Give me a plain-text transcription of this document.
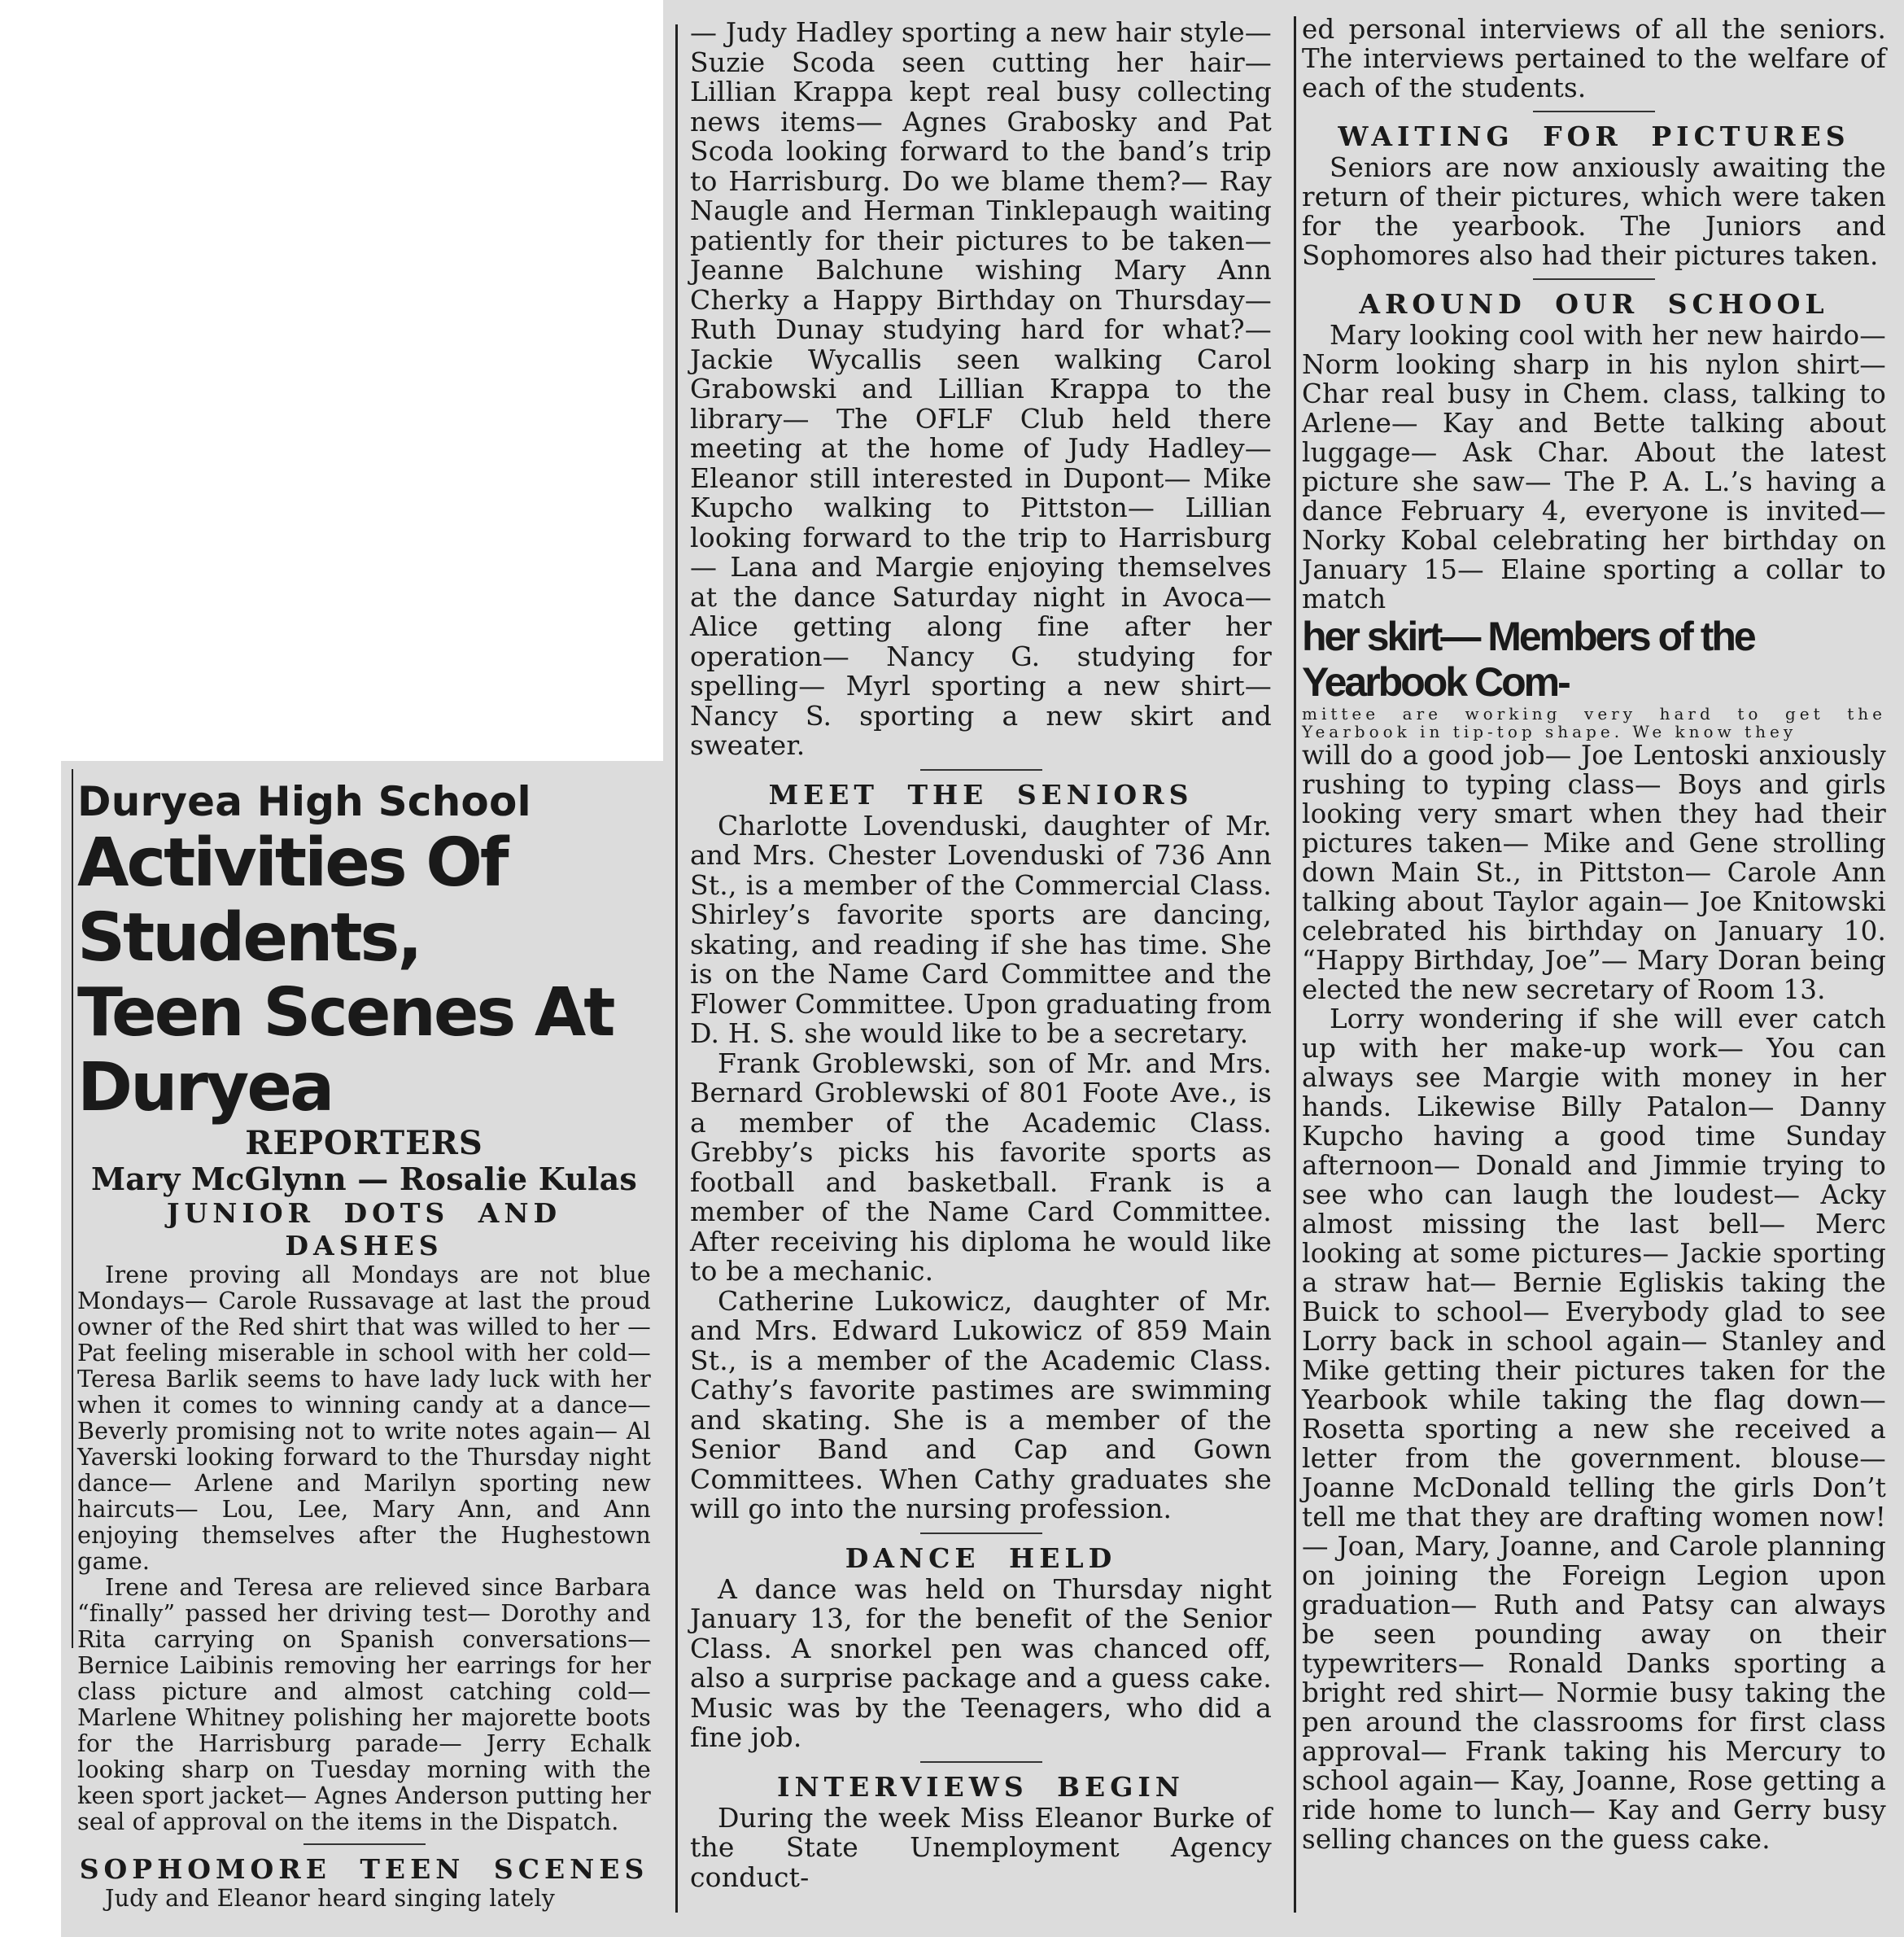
Duryea High School
Activities Of Students,
Teen Scenes At Duryea
REPORTERS
Mary McGlynn — Rosalie Kulas
JUNIOR DOTS AND DASHES

Irene proving all Mondays are not blue Mondays— Carole Russavage at last the proud owner of the Red shirt that was willed to her —Pat feeling miserable in school with her cold— Teresa Barlik seems to have lady luck with her when it comes to winning candy at a dance— Beverly promising not to write notes again— Al Yaverski looking forward to the Thursday night dance— Arlene and Marilyn sporting new haircuts— Lou, Lee, Mary Ann, and Ann enjoying themselves after the Hughestown game.

Irene and Teresa are relieved since Barbara “finally” passed her driving test— Dorothy and Rita carrying on Spanish conversations— Bernice Laibinis removing her earrings for her class picture and almost catching cold— Marlene Whitney polishing her majorette boots for the Harrisburg parade— Jerry Echalk looking sharp on Tuesday morning with the keen sport jacket— Agnes Anderson putting her seal of approval on the items in the Dispatch.

SOPHOMORE TEEN SCENES

Judy and Eleanor heard singing lately

— Judy Hadley sporting a new hair style— Suzie Scoda seen cutting her hair— Lillian Krappa kept real busy collecting news items— Agnes Grabosky and Pat Scoda looking forward to the band’s trip to Harrisburg. Do we blame them?— Ray Naugle and Herman Tinklepaugh waiting patiently for their pictures to be taken— Jeanne Balchune wishing Mary Ann Cherky a Happy Birthday on Thursday— Ruth Dunay studying hard for what?— Jackie Wycallis seen walking Carol Grabowski and Lillian Krappa to the library— The OFLF Club held there meeting at the home of Judy Hadley— Eleanor still interested in Dupont— Mike Kupcho walking to Pittston— Lillian looking forward to the trip to Harrisburg— Lana and Margie enjoying themselves at the dance Saturday night in Avoca— Alice getting along fine after her operation— Nancy G. studying for spelling— Myrl sporting a new shirt— Nancy S. sporting a new skirt and sweater.

MEET THE SENIORS

Charlotte Lovenduski, daughter of Mr. and Mrs. Chester Lovenduski of 736 Ann St., is a member of the Commercial Class. Shirley’s favorite sports are dancing, skating, and reading if she has time. She is on the Name Card Committee and the Flower Committee. Upon graduating from D. H. S. she would like to be a secretary.

Frank Groblewski, son of Mr. and Mrs. Bernard Groblewski of 801 Foote Ave., is a member of the Academic Class. Grebby’s picks his favorite sports as football and basketball. Frank is a member of the Name Card Committee. After receiving his diploma he would like to be a mechanic.

Catherine Lukowicz, daughter of Mr. and Mrs. Edward Lukowicz of 859 Main St., is a member of the Academic Class. Cathy’s favorite pastimes are swimming and skating. She is a member of the Senior Band and Cap and Gown Committees. When Cathy graduates she will go into the nursing profession.

DANCE HELD

A dance was held on Thursday night January 13, for the benefit of the Senior Class. A snorkel pen was chanced off, also a surprise package and a guess cake. Music was by the Teenagers, who did a fine job.

INTERVIEWS BEGIN

During the week Miss Eleanor Burke of the State Unemployment Agency conduct-

ed personal interviews of all the seniors. The interviews pertained to the welfare of each of the students.

WAITING FOR PICTURES

Seniors are now anxiously awaiting the return of their pictures, which were taken for the yearbook. The Juniors and Sophomores also had their pictures taken.

AROUND OUR SCHOOL

Mary looking cool with her new hairdo— Norm looking sharp in his nylon shirt— Char real busy in Chem. class, talking to Arlene— Kay and Bette talking about luggage— Ask Char. About the latest picture she saw— The P. A. L.’s having a dance February 4, everyone is invited— Norky Kobal celebrating her birthday on January 15— Elaine sporting a collar to match

her skirt— Members of the Yearbook Com-
mittee are working very hard to get the Yearbook in tip-top shape. We know they

will do a good job— Joe Lentoski anxiously rushing to typing class— Boys and girls looking very smart when they had their pictures taken— Mike and Gene strolling down Main St., in Pittston— Carole Ann talking about Taylor again— Joe Knitowski celebrated his birthday on January 10. “Happy Birthday, Joe”— Mary Doran being elected the new secretary of Room 13.

Lorry wondering if she will ever catch up with her make-up work— You can always see Margie with money in her hands. Likewise Billy Patalon— Danny Kupcho having a good time Sunday afternoon— Donald and Jimmie trying to see who can laugh the loudest— Acky almost missing the last bell— Merc looking at some pictures— Jackie sporting a straw hat— Bernie Egliskis taking the Buick to school— Everybody glad to see Lorry back in school again— Stanley and Mike getting their pictures taken for the Yearbook while taking the flag down— Rosetta sporting a new she received a letter from the government. blouse— Joanne McDonald telling the girls Don’t tell me that they are drafting women now!— Joan, Mary, Joanne, and Carole planning on joining the Foreign Legion upon graduation— Ruth and Patsy can always be seen pounding away on their typewriters— Ronald Danks sporting a bright red shirt— Normie busy taking the pen around the classrooms for first class approval— Frank taking his Mercury to school again— Kay, Joanne, Rose getting a ride home to lunch— Kay and Gerry busy selling chances on the guess cake.
